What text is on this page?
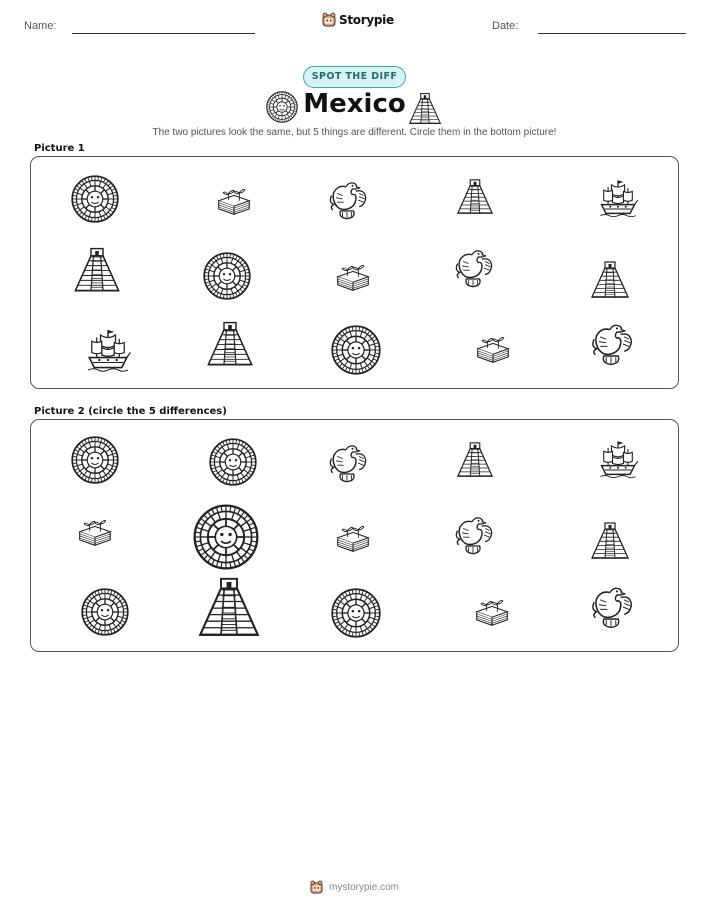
Name:	Storypie	Date:
SPOT THE DIFF
Mexico
The two pictures look the same, but 5 things are different. Circle them in the bottom picture!
Picture 1
Picture 2 (circle the 5 differences)
mystorypie.com
